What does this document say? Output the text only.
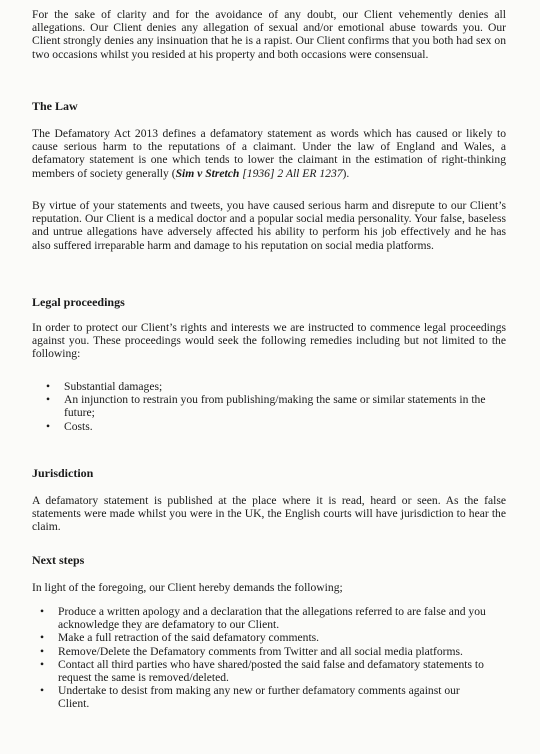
For the sake of clarity and for the avoidance of any doubt, our Client vehemently denies all allegations. Our Client denies any allegation of sexual and/or emotional abuse towards you. Our Client strongly denies any insinuation that he is a rapist. Our Client confirms that you both had sex on two occasions whilst you resided at his property and both occasions were consensual.

The Law

The Defamatory Act 2013 defines a defamatory statement as words which has caused or likely to cause serious harm to the reputations of a claimant. Under the law of England and Wales, a defamatory statement is one which tends to lower the claimant in the estimation of right-thinking members of society generally (Sim v Stretch [1936] 2 All ER 1237).

By virtue of your statements and tweets, you have caused serious harm and disrepute to our Client’s reputation. Our Client is a medical doctor and a popular social media personality. Your false, baseless and untrue allegations have adversely affected his ability to perform his job effectively and he has also suffered irreparable harm and damage to his reputation on social media platforms.

Legal proceedings

In order to protect our Client’s rights and interests we are instructed to commence legal proceedings against you. These proceedings would seek the following remedies including but not limited to the following:

• Substantial damages;
• An injunction to restrain you from publishing/making the same or similar statements in the future;
• Costs.
Jurisdiction

A defamatory statement is published at the place where it is read, heard or seen. As the false statements were made whilst you were in the UK, the English courts will have jurisdiction to hear the claim.

Next steps

In light of the foregoing, our Client hereby demands the following;

• Produce a written apology and a declaration that the allegations referred to are false and you acknowledge they are defamatory to our Client.
• Make a full retraction of the said defamatory comments.
• Remove/Delete the Defamatory comments from Twitter and all social media platforms.
• Contact all third parties who have shared/posted the said false and defamatory statements to request the same is removed/deleted.
• Undertake to desist from making any new or further defamatory comments against our Client.
